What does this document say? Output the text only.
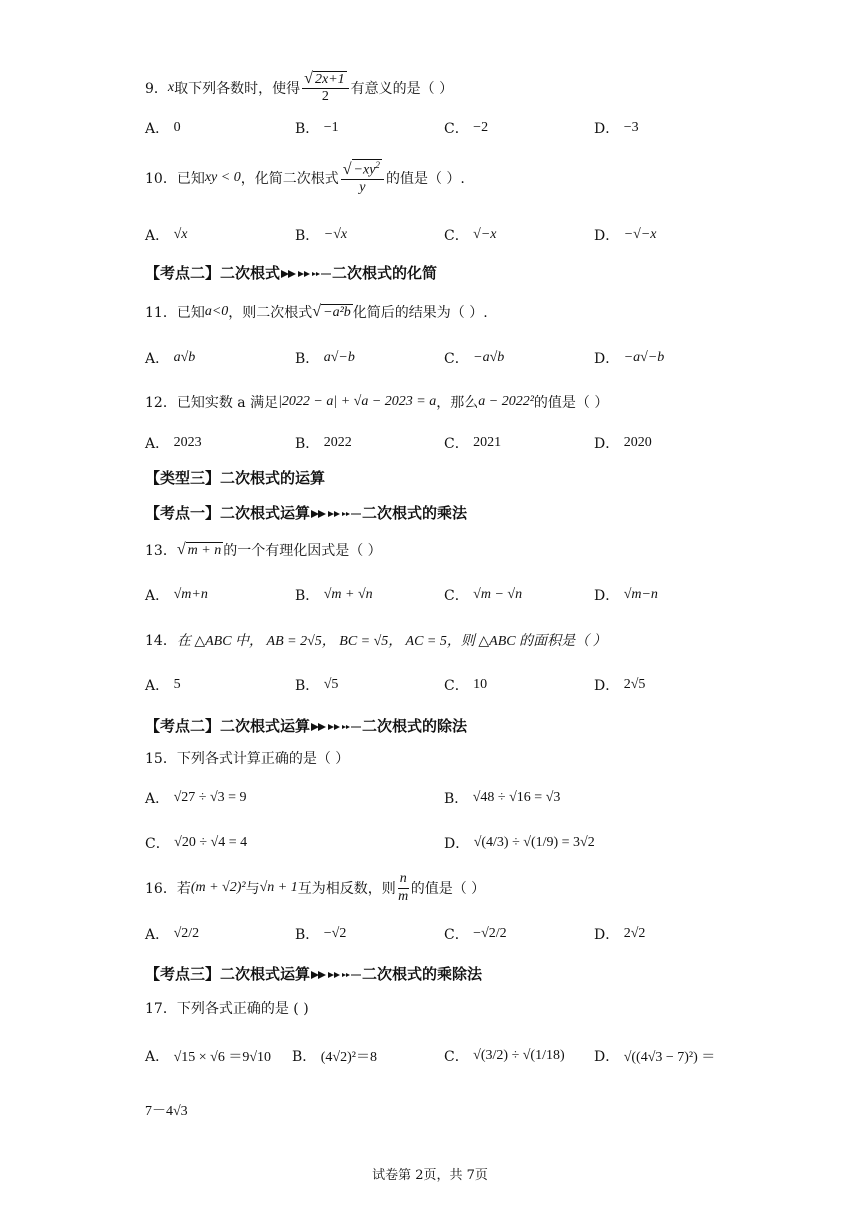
9． x 取下列各数时，使得 $\frac{√ 2x+1}{2}$ 有意义的是（ ）
A．
0	B．
−1	C．
−2	D．
−3
10． 已知 xy < 0 ，化简二次根式 $\frac{√ -xy^2}{y}$ 的值是（ ）.
A．
√x	B．
−√x	C．
√−x	D．
−√−x
【考点二】二次根式	二次根式的化简
11． 已知 a<0 ，则二次根式 √ −a²b 化简后的结果为（ ）.
A．
a√b	B．
a√−b	C．
−a√b	D．
−a√−b
12． 已知实数 a 满足 |2022 − a| + √a − 2023 = a ，那么 a − 2022² 的值是（ ）
A．
2023	B．
2022	C．
2021	D．
2020
【类型三】二次根式的运算
【考点一】二次根式运算	二次根式的乘法
13． √ m + n 的一个有理化因式是（ ）
A．
√m+n	B．
√m + √n	C．
√m − √n	D．
√m−n
14． 在 △ABC 中， AB = 2√5， BC = √5， AC = 5，则 △ABC 的面积是（ ）
A．
5	B．
√5	C．
10	D．
2√5
【考点二】二次根式运算	二次根式的除法
15． 下列各式计算正确的是（ ）
A．
√27 ÷ √3 = 9	B．
√48 ÷ √16 = √3
C．
√20 ÷ √4 = 4	D．
√(4/3) ÷ √(1/9) = 3√2
16． 若 (m + √2)² 与 √n + 1 互为相反数，则 $\frac{n}{m}$ 的值是（ ）
A．
√2/2	B．
−√2	C．
−√2/2	D．
2√2
【考点三】二次根式运算	二次根式的乘除法
17． 下列各式正确的是 ( )
A．
√15 × √6 ＝9√10 B．
(4√2)²＝8	C．
√(3/2) ÷ √(1/18) D．
√((4√3 − 7)²) ＝
7－4√3
试卷第 2页，共 7页
